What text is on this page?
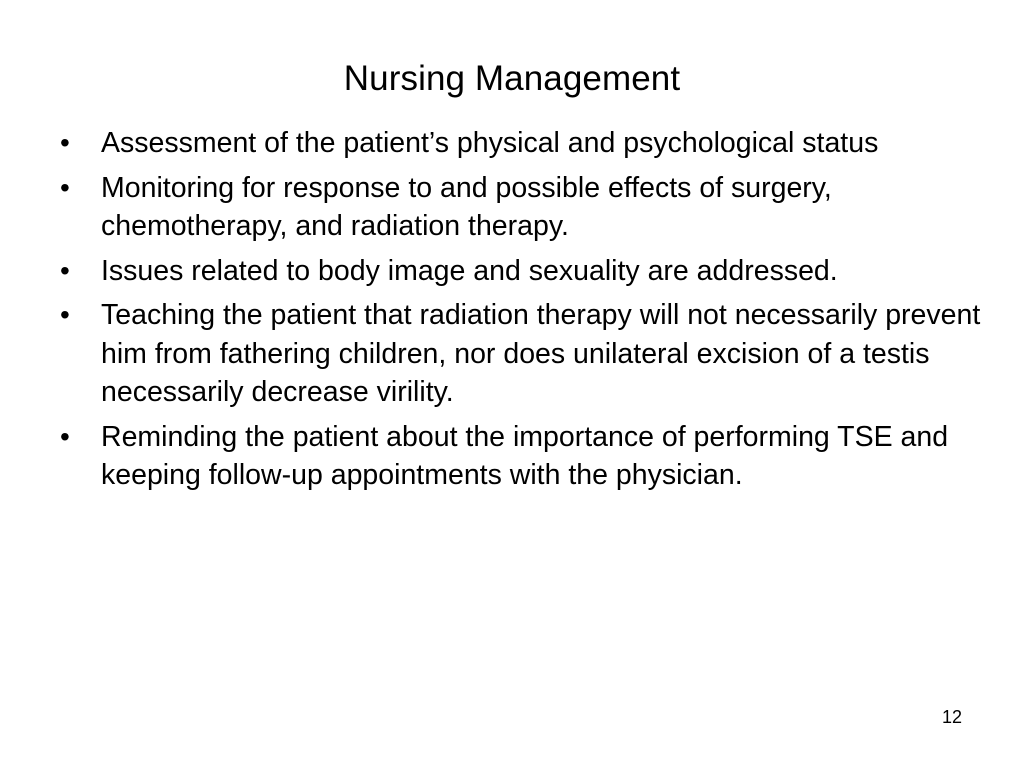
Nursing Management
•	Assessment of the patient’s physical and psychological status
•	Monitoring for response to and possible effects of surgery, chemotherapy, and radiation therapy.
•	Issues related to body image and sexuality are addressed.
•	Teaching the patient that radiation therapy will not necessarily prevent him from fathering children, nor does unilateral excision of a testis necessarily decrease virility.
•	Reminding the patient about the importance of performing TSE and keeping follow-up appointments with the physician.
12
